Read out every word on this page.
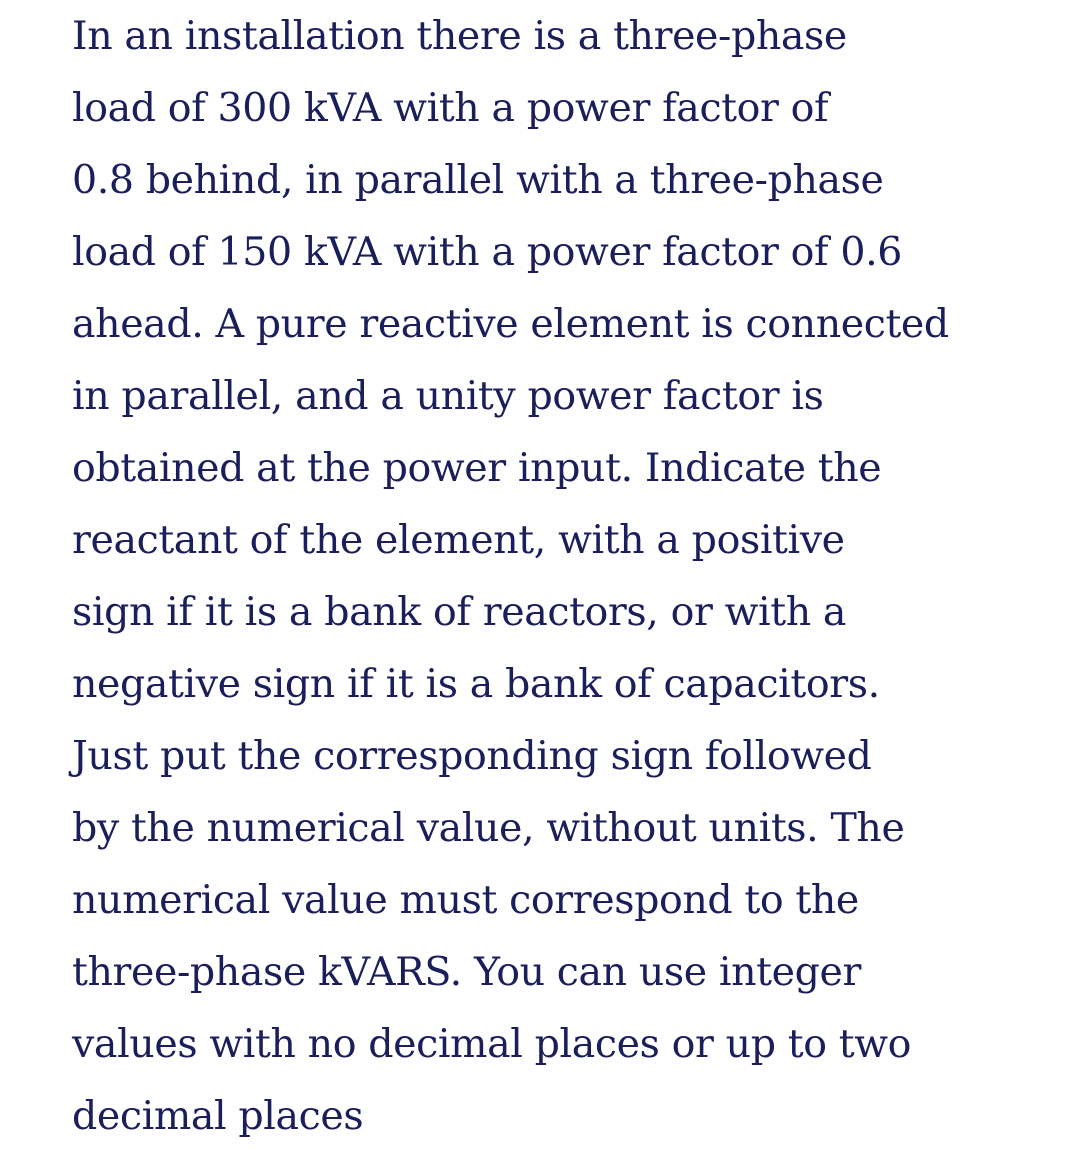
In an installation there is a three-phase
load of 300 kVA with a power factor of
0.8 behind, in parallel with a three-phase
load of 150 kVA with a power factor of 0.6
ahead. A pure reactive element is connected
in parallel, and a unity power factor is
obtained at the power input. Indicate the
reactant of the element, with a positive
sign if it is a bank of reactors, or with a
negative sign if it is a bank of capacitors.
Just put the corresponding sign followed
by the numerical value, without units. The
numerical value must correspond to the
three-phase kVARS. You can use integer
values with no decimal places or up to two
decimal places
